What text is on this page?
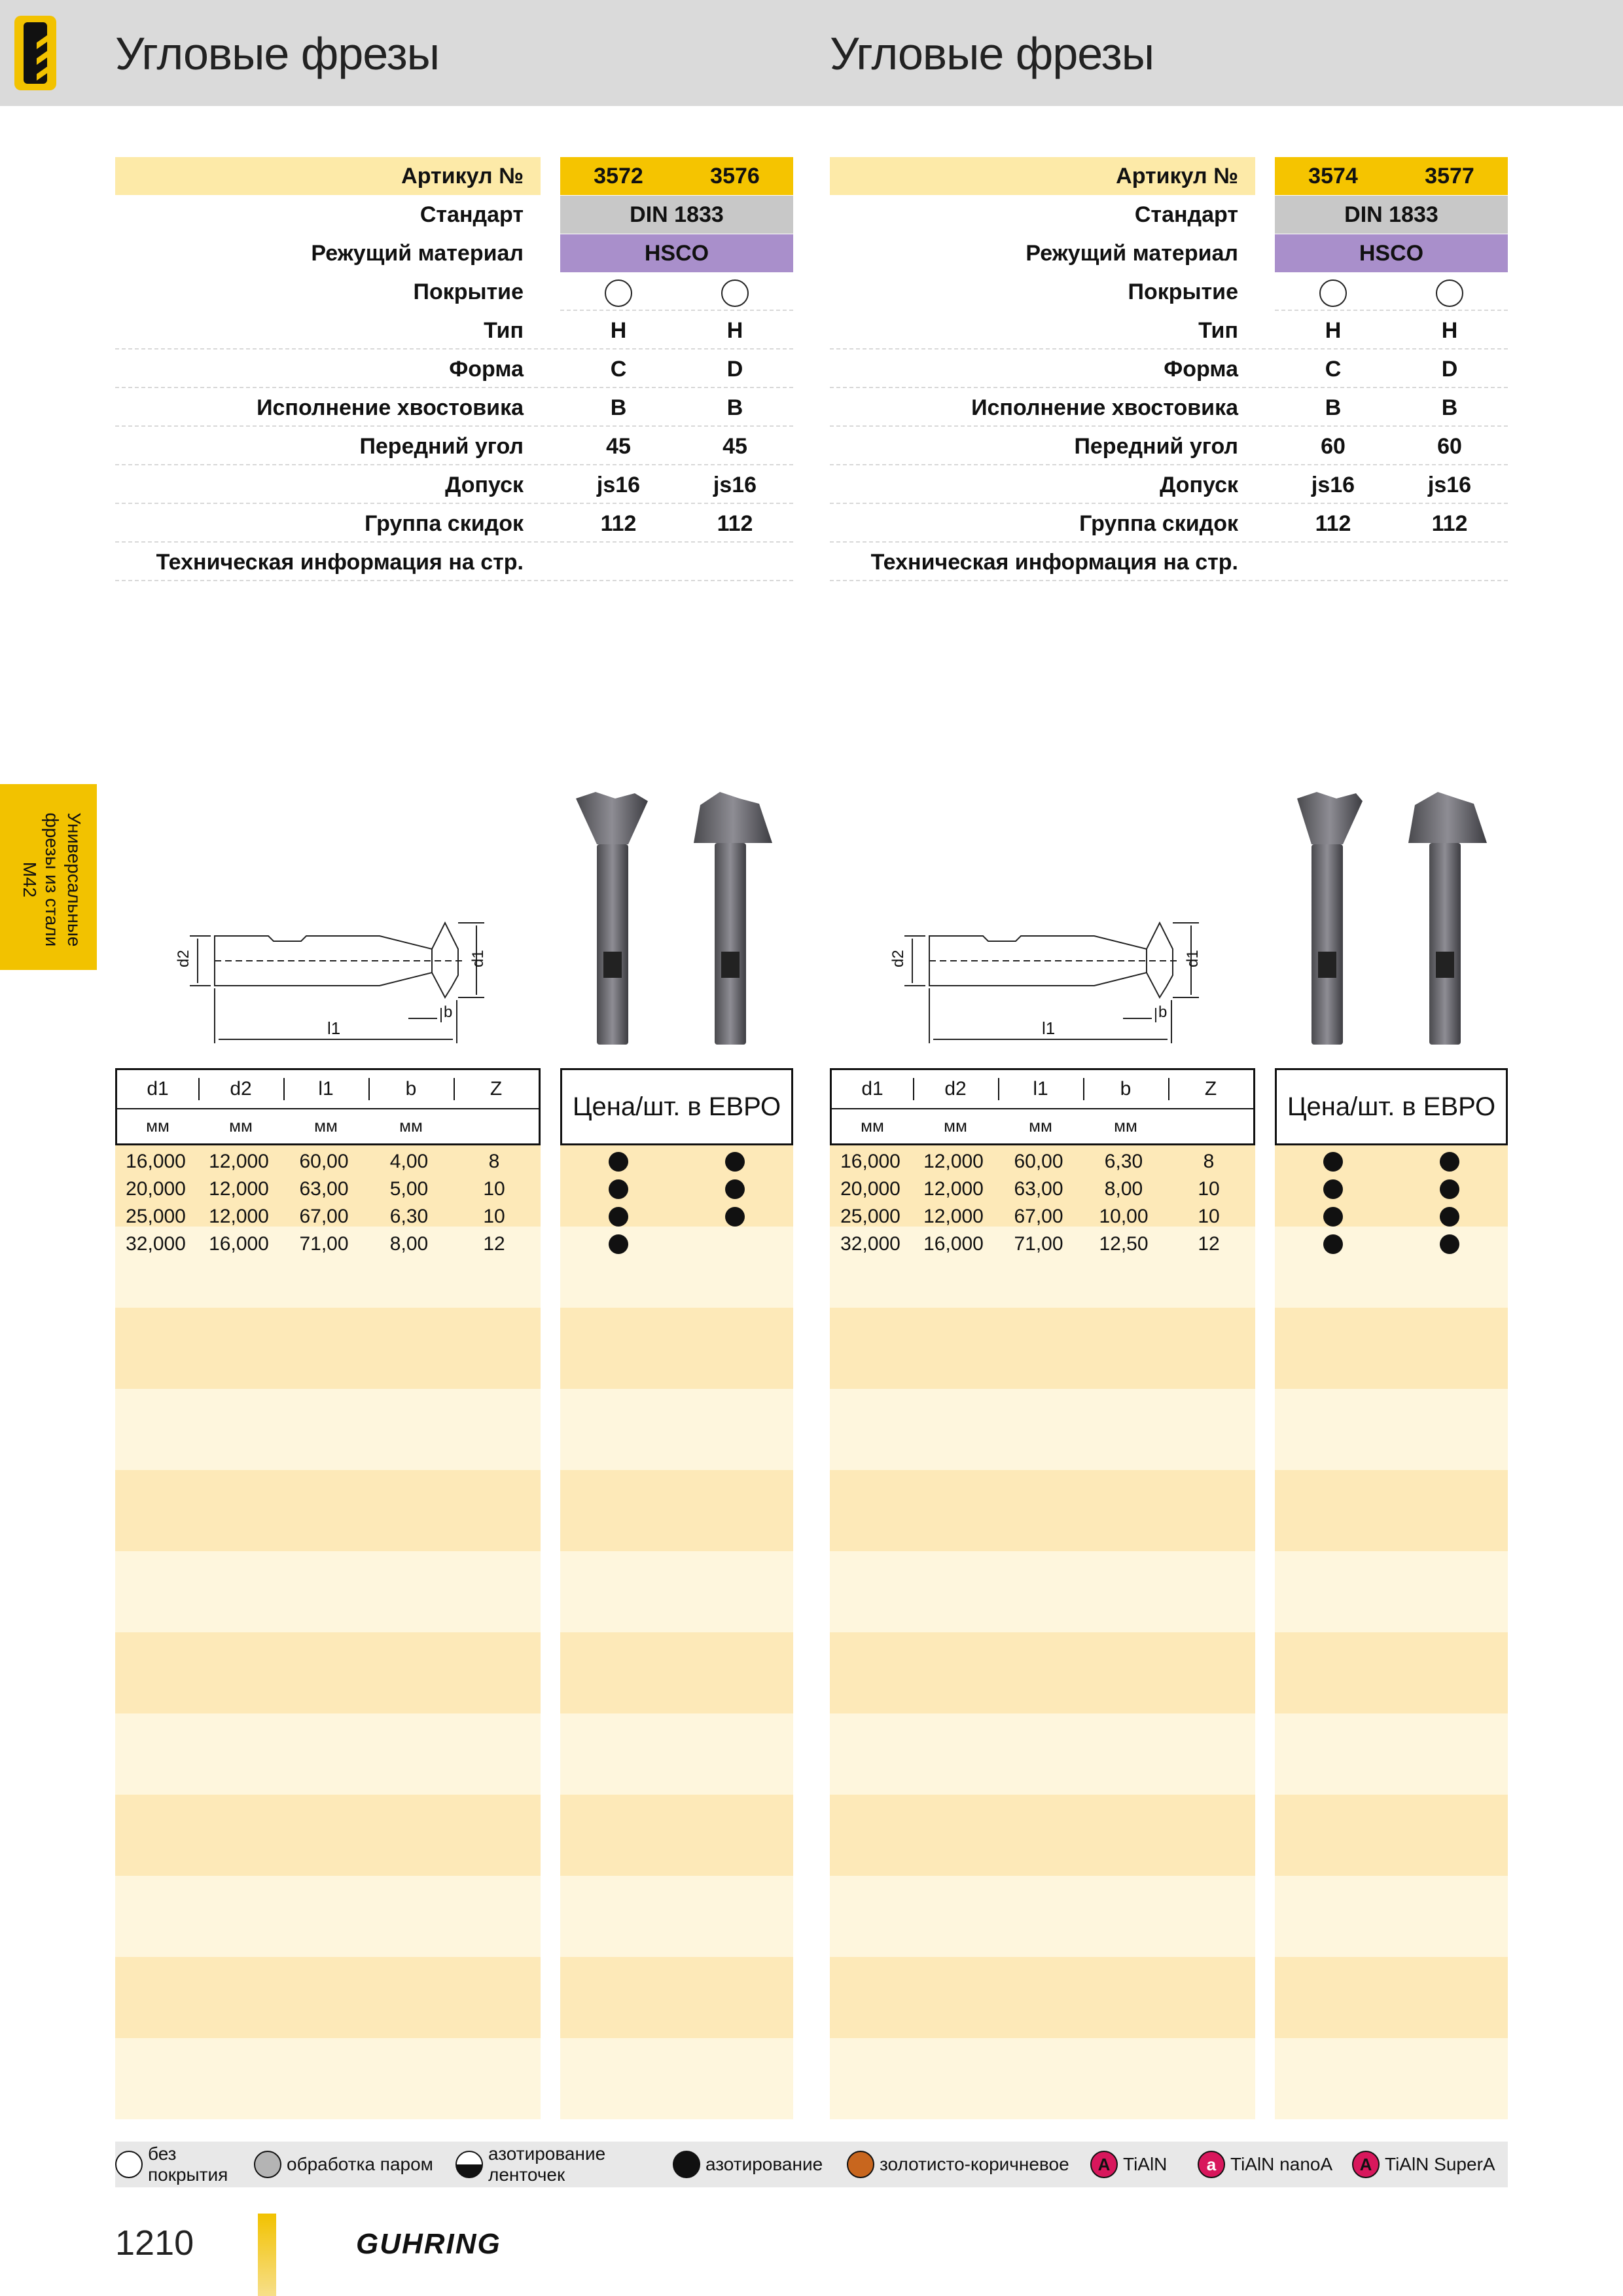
Угловые фрезы	Угловые фрезы
Артикул №	3572	3576
Стандарт	DIN 1833
Режущий материал	HSCO
Покрытие
Тип	H	H
Форма	C	D
Исполнение хвостовика	B	B
Передний угол	45	45
Допуск	js16	js16
Группа скидок	112	112
Техническая информация на стр.
Артикул №	3574	3577
Стандарт	DIN 1833
Режущий материал	HSCO
Покрытие
Тип	H	H
Форма	C	D
Исполнение хвостовика	B	B
Передний угол	60	60
Допуск	js16	js16
Группа скидок	112	112
Техническая информация на стр.
Универсальные
фрезы из стали М42
d2	d1
l1
b
d2	d1
l1
b
d1	d2	l1	b	Z
мм	мм	мм	мм
16,000	12,000	60,00	4,00	8
20,000	12,000	63,00	5,00	10
25,000	12,000	67,00	6,30	10
32,000	16,000	71,00	8,00	12
Цена/шт. в ЕВРО
d1	d2	l1	b	Z
мм	мм	мм	мм
16,000	12,000	60,00	6,30	8
20,000	12,000	63,00	8,00	10
25,000	12,000	67,00	10,00	10
32,000	16,000	71,00	12,50	12
Цена/шт. в ЕВРО
без покрытия
обработка паром
азотирование ленточек
азотирование	золотисто-коричневое	A TiAlN	a TiAlN nanoA	A TiAlN SuperA
1210	GUHRING
